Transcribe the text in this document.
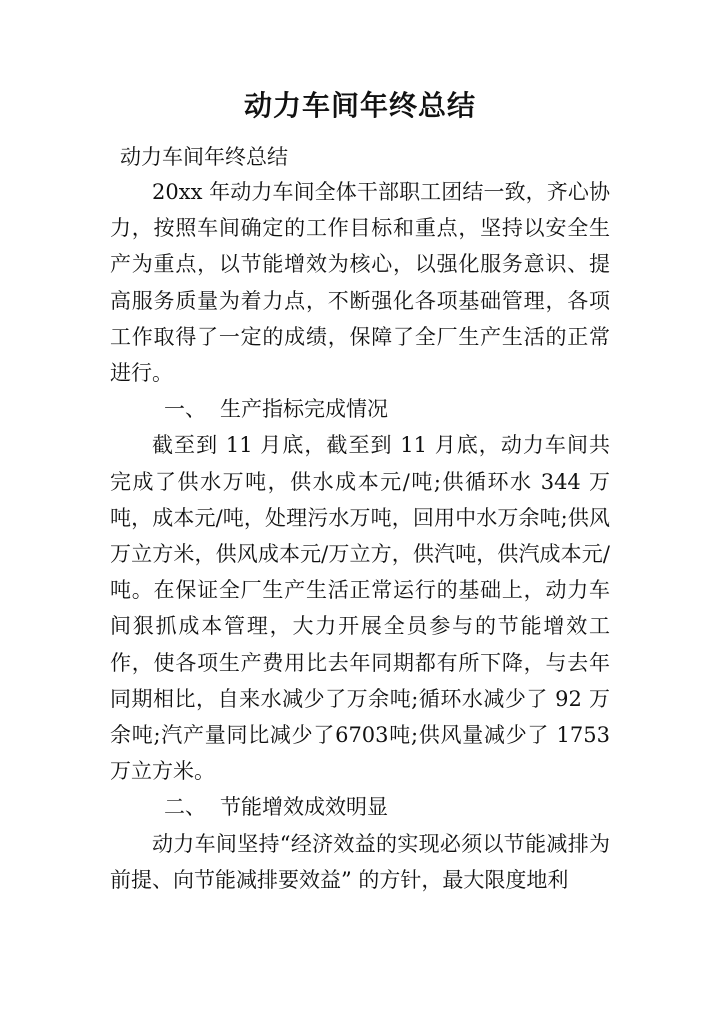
动力车间年终总结
动力车间年终总结

20xx 年动力车间全体干部职工团结一致，齐心协力，按照车间确定的工作目标和重点，坚持以安全生产为重点，以节能增效为核心，以强化服务意识、提高服务质量为着力点，不断强化各项基础管理，各项工作取得了一定的成绩，保障了全厂生产生活的正常进行。

一、 生产指标完成情况

截至到 11 月底，截至到 11 月底，动力车间共完成了供水万吨，供水成本元/吨;供循环水 344 万吨，成本元/吨，处理污水万吨，回用中水万余吨;供风万立方米，供风成本元/万立方，供汽吨，供汽成本元/吨。在保证全厂生产生活正常运行的基础上，动力车间狠抓成本管理，大力开展全员参与的节能增效工作，使各项生产费用比去年同期都有所下降，与去年同期相比，自来水减少了万余吨;循环水减少了 92 万余吨;汽产量同比减少了6703吨;供风量减少了 1753 万立方米。

二、 节能增效成效明显

动力车间坚持“经济效益的实现必须以节能减排为前提、向节能减排要效益” 的方针，最大限度地利
